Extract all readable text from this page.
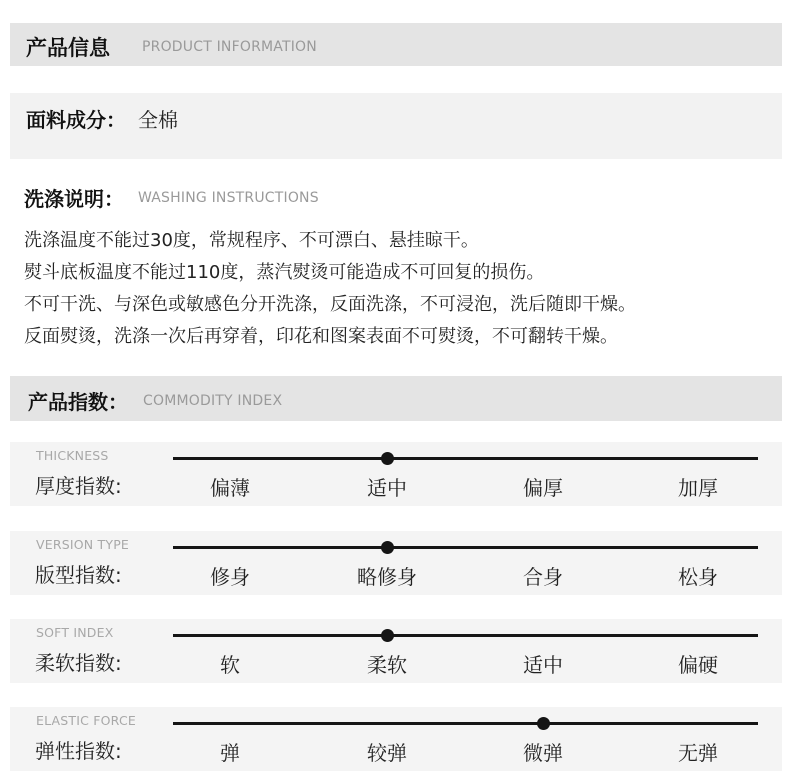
产品信息 PRODUCT INFORMATION
面料成分： 全棉
洗涤说明： WASHING INSTRUCTIONS
洗涤温度不能过30度，常规程序、不可漂白、悬挂晾干。
熨斗底板温度不能过110度，蒸汽熨烫可能造成不可回复的损伤。
不可干洗、与深色或敏感色分开洗涤，反面洗涤，不可浸泡，洗后随即干燥。
反面熨烫，洗涤一次后再穿着，印花和图案表面不可熨烫，不可翻转干燥。
产品指数： COMMODITY INDEX
THICKNESS
厚度指数:	偏薄	适中	偏厚	加厚
VERSION TYPE
版型指数:	修身	略修身	合身	松身
SOFT INDEX
柔软指数:	软	柔软	适中	偏硬
ELASTIC FORCE
弹性指数:	弹	较弹	微弹	无弹
